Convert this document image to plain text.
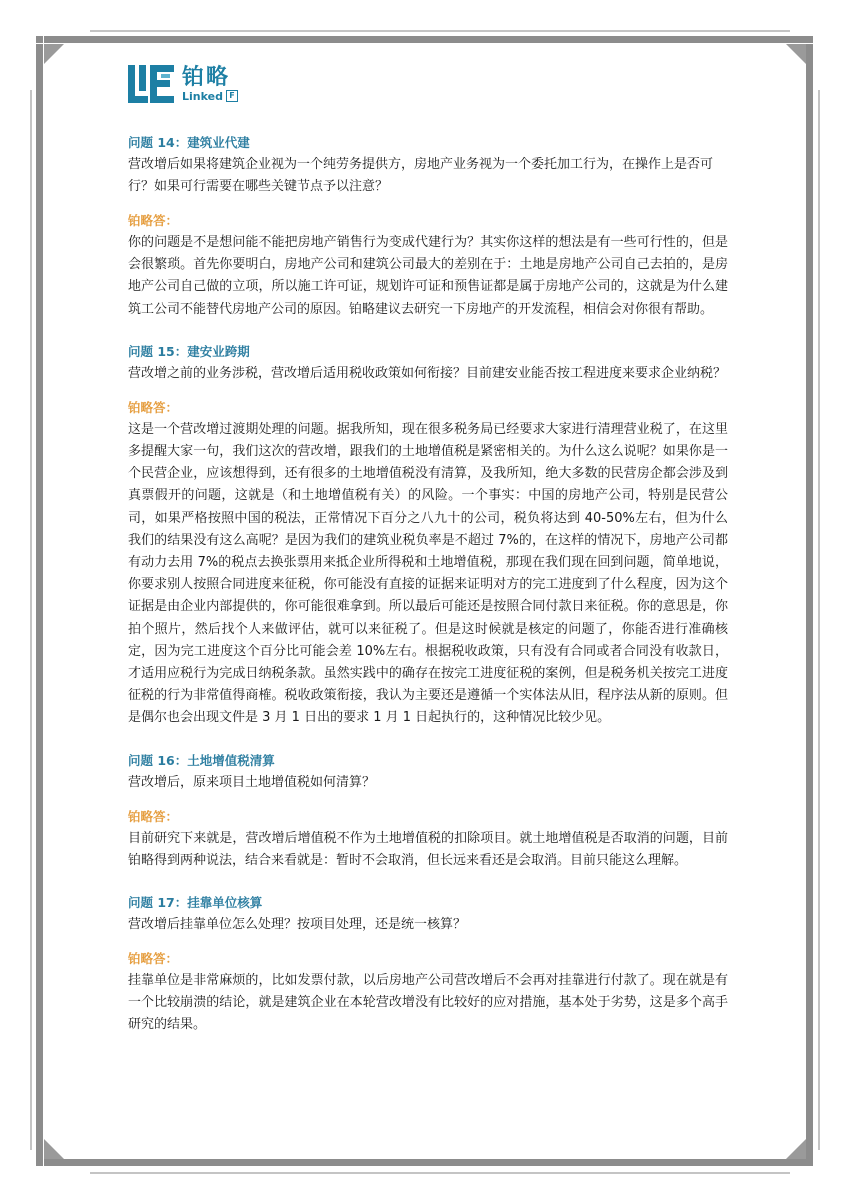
铂略
Linked F

问题 14：建筑业代建

营改增后如果将建筑企业视为一个纯劳务提供方，房地产业务视为一个委托加工行为，在操作上是否可行？如果可行需要在哪些关键节点予以注意？

铂略答：

你的问题是不是想问能不能把房地产销售行为变成代建行为？其实你这样的想法是有一些可行性的，但是会很繁琐。首先你要明白，房地产公司和建筑公司最大的差别在于：土地是房地产公司自己去拍的，是房地产公司自己做的立项，所以施工许可证，规划许可证和预售证都是属于房地产公司的，这就是为什么建筑工公司不能替代房地产公司的原因。铂略建议去研究一下房地产的开发流程，相信会对你很有帮助。

问题 15：建安业跨期

营改增之前的业务涉税，营改增后适用税收政策如何衔接？目前建安业能否按工程进度来要求企业纳税？

铂略答：

这是一个营改增过渡期处理的问题。据我所知，现在很多税务局已经要求大家进行清理营业税了，在这里多提醒大家一句，我们这次的营改增，跟我们的土地增值税是紧密相关的。为什么这么说呢？如果你是一个民营企业，应该想得到，还有很多的土地增值税没有清算，及我所知，绝大多数的民营房企都会涉及到真票假开的问题，这就是（和土地增值税有关）的风险。一个事实：中国的房地产公司，特别是民营公司，如果严格按照中国的税法，正常情况下百分之八九十的公司，税负将达到 40-50%左右，但为什么我们的结果没有这么高呢？是因为我们的建筑业税负率是不超过 7%的，在这样的情况下，房地产公司都有动力去用 7%的税点去换张票用来抵企业所得税和土地增值税，那现在我们现在回到问题，简单地说，你要求别人按照合同进度来征税，你可能没有直接的证据来证明对方的完工进度到了什么程度，因为这个证据是由企业内部提供的，你可能很难拿到。所以最后可能还是按照合同付款日来征税。你的意思是，你拍个照片，然后找个人来做评估，就可以来征税了。但是这时候就是核定的问题了，你能否进行准确核定，因为完工进度这个百分比可能会差 10%左右。根据税收政策，只有没有合同或者合同没有收款日，才适用应税行为完成日纳税条款。虽然实践中的确存在按完工进度征税的案例，但是税务机关按完工进度征税的行为非常值得商榷。税收政策衔接，我认为主要还是遵循一个实体法从旧，程序法从新的原则。但是偶尔也会出现文件是 3 月 1 日出的要求 1 月 1 日起执行的，这种情况比较少见。

问题 16：土地增值税清算

营改增后，原来项目土地增值税如何清算？

铂略答：

目前研究下来就是，营改增后增值税不作为土地增值税的扣除项目。就土地增值税是否取消的问题，目前铂略得到两种说法，结合来看就是：暂时不会取消，但长远来看还是会取消。目前只能这么理解。

问题 17：挂靠单位核算

营改增后挂靠单位怎么处理？按项目处理，还是统一核算？

铂略答：

挂靠单位是非常麻烦的，比如发票付款，以后房地产公司营改增后不会再对挂靠进行付款了。现在就是有一个比较崩溃的结论，就是建筑企业在本轮营改增没有比较好的应对措施，基本处于劣势，这是多个高手研究的结果。
